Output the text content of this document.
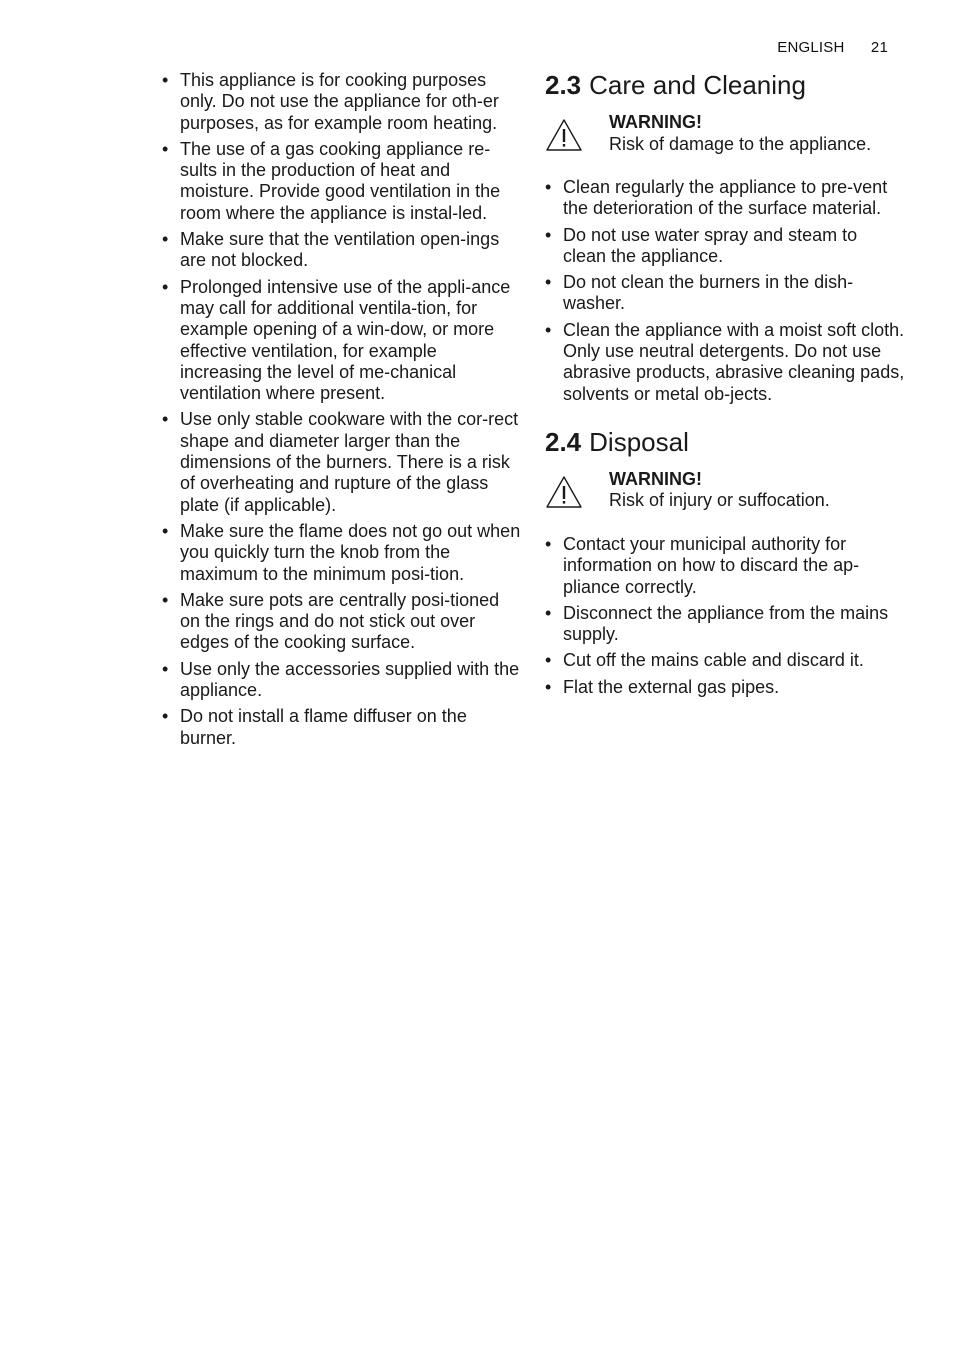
ENGLISH 21
• This appliance is for cooking purposes only. Do not use the appliance for oth-er purposes, as for example room heating.
• The use of a gas cooking appliance re-sults in the production of heat and moisture. Provide good ventilation in the room where the appliance is instal-led.
• Make sure that the ventilation open-ings are not blocked.
• Prolonged intensive use of the appli-ance may call for additional ventila-tion, for example opening of a win-dow, or more effective ventilation, for example increasing the level of me-chanical ventilation where present.
• Use only stable cookware with the cor-rect shape and diameter larger than the dimensions of the burners. There is a risk of overheating and rupture of the glass plate (if applicable).
• Make sure the flame does not go out when you quickly turn the knob from the maximum to the minimum posi-tion.
• Make sure pots are centrally posi-tioned on the rings and do not stick out over edges of the cooking surface.
• Use only the accessories supplied with the appliance.
• Do not install a flame diffuser on the burner.
2.3 Care and Cleaning
WARNING!
Risk of damage to the appliance.
• Clean regularly the appliance to pre-vent the deterioration of the surface material.
• Do not use water spray and steam to clean the appliance.
• Do not clean the burners in the dish-washer.
• Clean the appliance with a moist soft cloth. Only use neutral detergents. Do not use abrasive products, abrasive cleaning pads, solvents or metal ob-jects.
2.4 Disposal
WARNING!
Risk of injury or suffocation.
• Contact your municipal authority for information on how to discard the ap-pliance correctly.
• Disconnect the appliance from the mains supply.
• Cut off the mains cable and discard it.
• Flat the external gas pipes.
